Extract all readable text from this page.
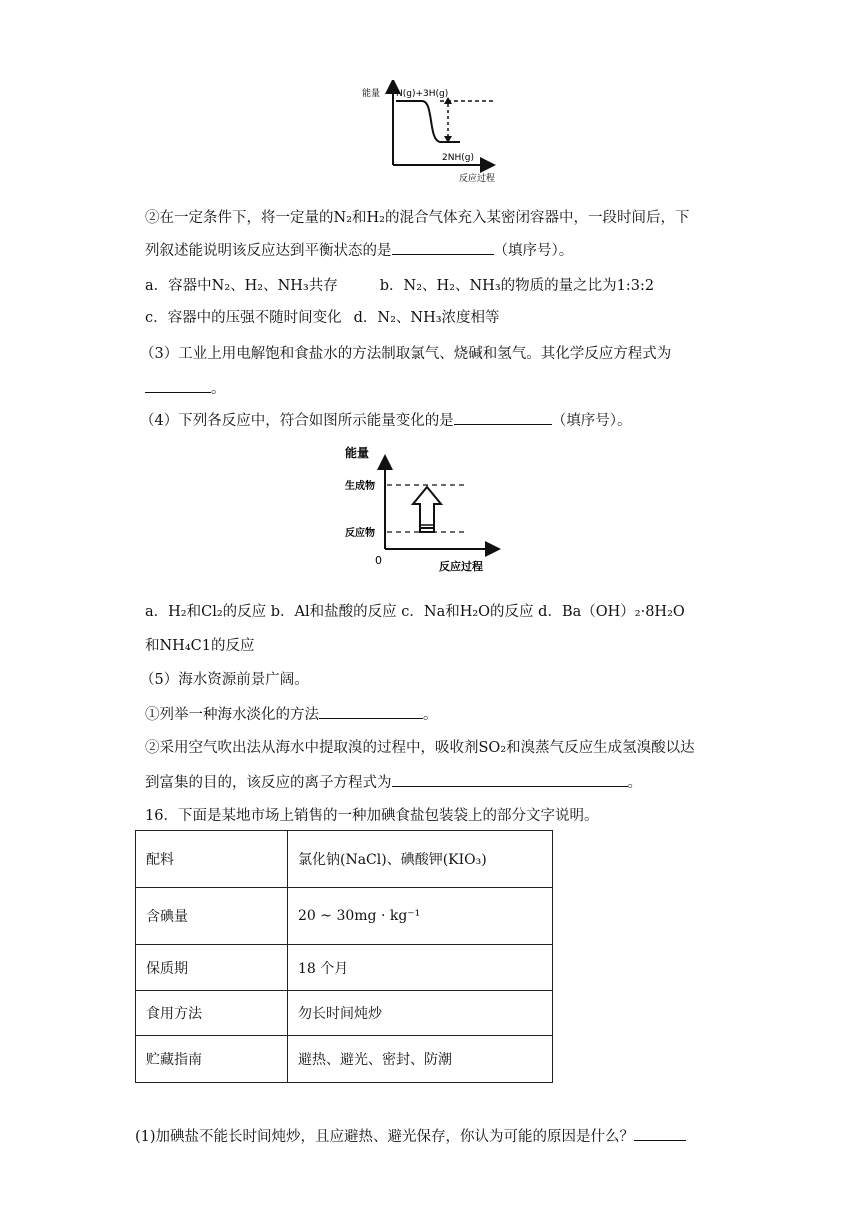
能量 N(g)+3H(g)
2NH(g)
反应过程
②在一定条件下，将一定量的N₂和H₂的混合气体充入某密闭容器中，一段时间后，下
列叙述能说明该反应达到平衡状态的是	（填序号）。
a．容器中N₂、H₂、NH₃共存	b．N₂、H₂、NH₃的物质的量之比为1:3:2
c．容器中的压强不随时间变化 d．N₂、NH₃浓度相等
（3）工业上用电解饱和食盐水的方法制取氯气、烧碱和氢气。其化学反应方程式为
。
（4）下列各反应中，符合如图所示能量变化的是	（填序号）。
能量
生成物
反应物
0	反应过程
a．H₂和Cl₂的反应 b．Al和盐酸的反应 c．Na和H₂O的反应 d．Ba（OH）₂·8H₂O
和NH₄C1的反应
（5）海水资源前景广阔。
①列举一种海水淡化的方法	。
②采用空气吹出法从海水中提取溴的过程中，吸收剂SO₂和溴蒸气反应生成氢溴酸以达
到富集的目的，该反应的离子方程式为	。
16．下面是某地市场上销售的一种加碘食盐包装袋上的部分文字说明。
配料	氯化钠(NaCl)、碘酸钾(KIO₃)
含碘量	20 ~ 30mg · kg⁻¹
保质期	18 个月
食用方法	勿长时间炖炒
贮藏指南	避热、避光、密封、防潮
(1)加碘盐不能长时间炖炒，且应避热、避光保存，你认为可能的原因是什么？
